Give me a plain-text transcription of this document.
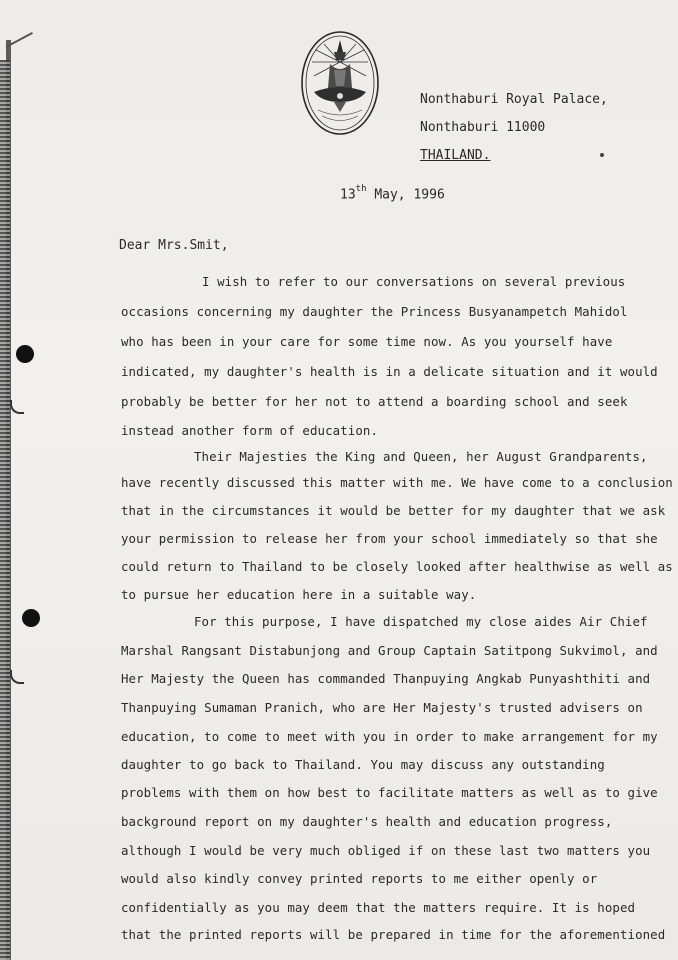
Nonthaburi Royal Palace,
Nonthaburi 11000
THAILAND.
13th May, 1996
Dear Mrs.Smit,
I wish to refer to our conversations on several previous
occasions concerning my daughter the Princess Busyanampetch Mahidol
who has been in your care for some time now. As you yourself have
indicated, my daughter's health is in a delicate situation and it would
probably be better for her not to attend a boarding school and seek
instead another form of education.
Their Majesties the King and Queen, her August Grandparents,
have recently discussed this matter with me. We have come to a conclusion
that in the circumstances it would be better for my daughter that we ask
your permission to release her from your school immediately so that she
could return to Thailand to be closely looked after healthwise as well as
to pursue her education here in a suitable way.
For this purpose, I have dispatched my close aides Air Chief
Marshal Rangsant Distabunjong and Group Captain Satitpong Sukvimol, and
Her Majesty the Queen has commanded Thanpuying Angkab Punyashthiti and
Thanpuying Sumaman Pranich, who are Her Majesty's trusted advisers on
education, to come to meet with you in order to make arrangement for my
daughter to go back to Thailand. You may discuss any outstanding
problems with them on how best to facilitate matters as well as to give
background report on my daughter's health and education progress,
although I would be very much obliged if on these last two matters you
would also kindly convey printed reports to me either openly or
confidentially as you may deem that the matters require. It is hoped
that the printed reports will be prepared in time for the aforementioned
